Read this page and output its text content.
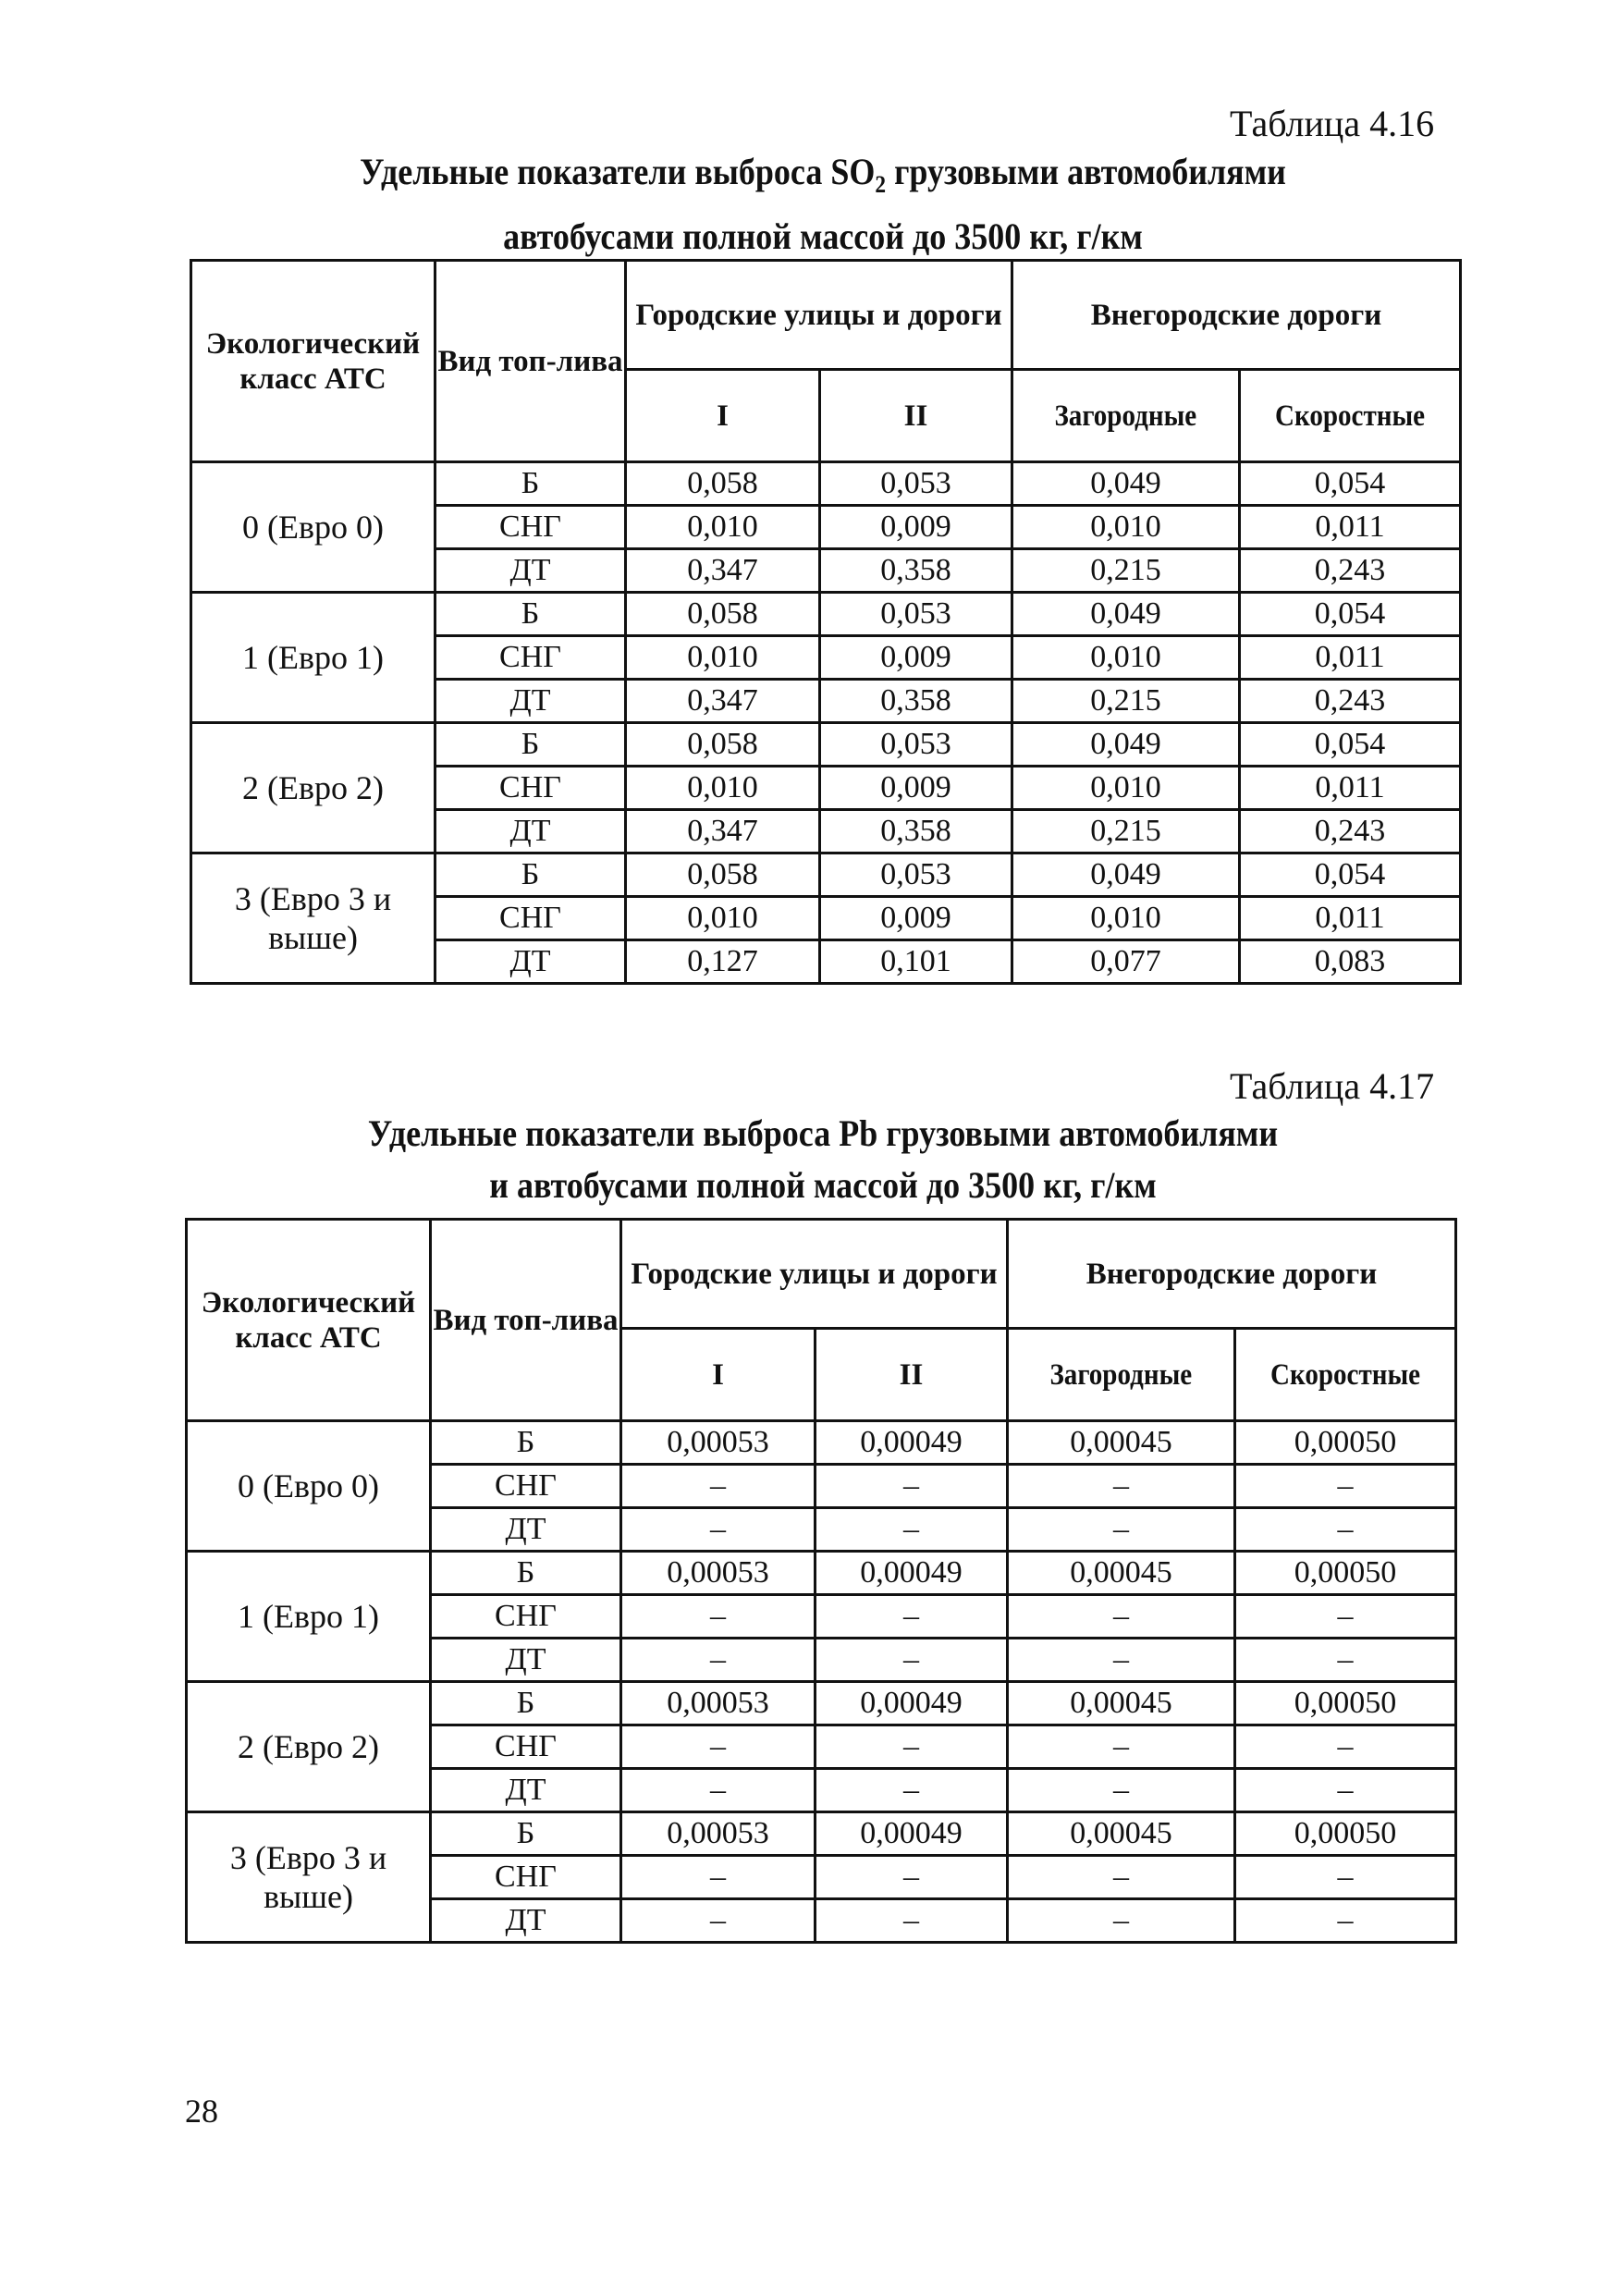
Таблица 4.16
Удельные показатели выброса $SO_2$ грузовыми автомобилями
автобусами полной массой до 3500 кг, г/км
Экологический класс АТС	Вид топ-лива	Городские улицы и дороги		Внегородские дороги	
		I	II	Загородные	Скоростные
0 (Евро 0)	Б	0,058	0,053	0,049	0,054
	СНГ	0,010	0,009	0,010	0,011
	ДТ	0,347	0,358	0,215	0,243
1 (Евро 1)	Б	0,058	0,053	0,049	0,054
	СНГ	0,010	0,009	0,010	0,011
	ДТ	0,347	0,358	0,215	0,243
2 (Евро 2)	Б	0,058	0,053	0,049	0,054
	СНГ	0,010	0,009	0,010	0,011
	ДТ	0,347	0,358	0,215	0,243
3 (Евро 3 и выше)	Б	0,058	0,053	0,049	0,054
	СНГ	0,010	0,009	0,010	0,011
	ДТ	0,127	0,101	0,077	0,083
Таблица 4.17
Удельные показатели выброса Pb грузовыми автомобилями
и автобусами полной массой до 3500 кг, г/км
Экологический класс АТС	Вид топ-лива	Городские улицы и дороги		Внегородские дороги	
		I	II	Загородные	Скоростные
0 (Евро 0)	Б	0,00053	0,00049	0,00045	0,00050
	СНГ	–	–	–	–
	ДТ	–	–	–	–
1 (Евро 1)	Б	0,00053	0,00049	0,00045	0,00050
	СНГ	–	–	–	–
	ДТ	–	–	–	–
2 (Евро 2)	Б	0,00053	0,00049	0,00045	0,00050
	СНГ	–	–	–	–
	ДТ	–	–	–	–
3 (Евро 3 и выше)	Б	0,00053	0,00049	0,00045	0,00050
	СНГ	–	–	–	–
	ДТ	–	–	–	–
28
